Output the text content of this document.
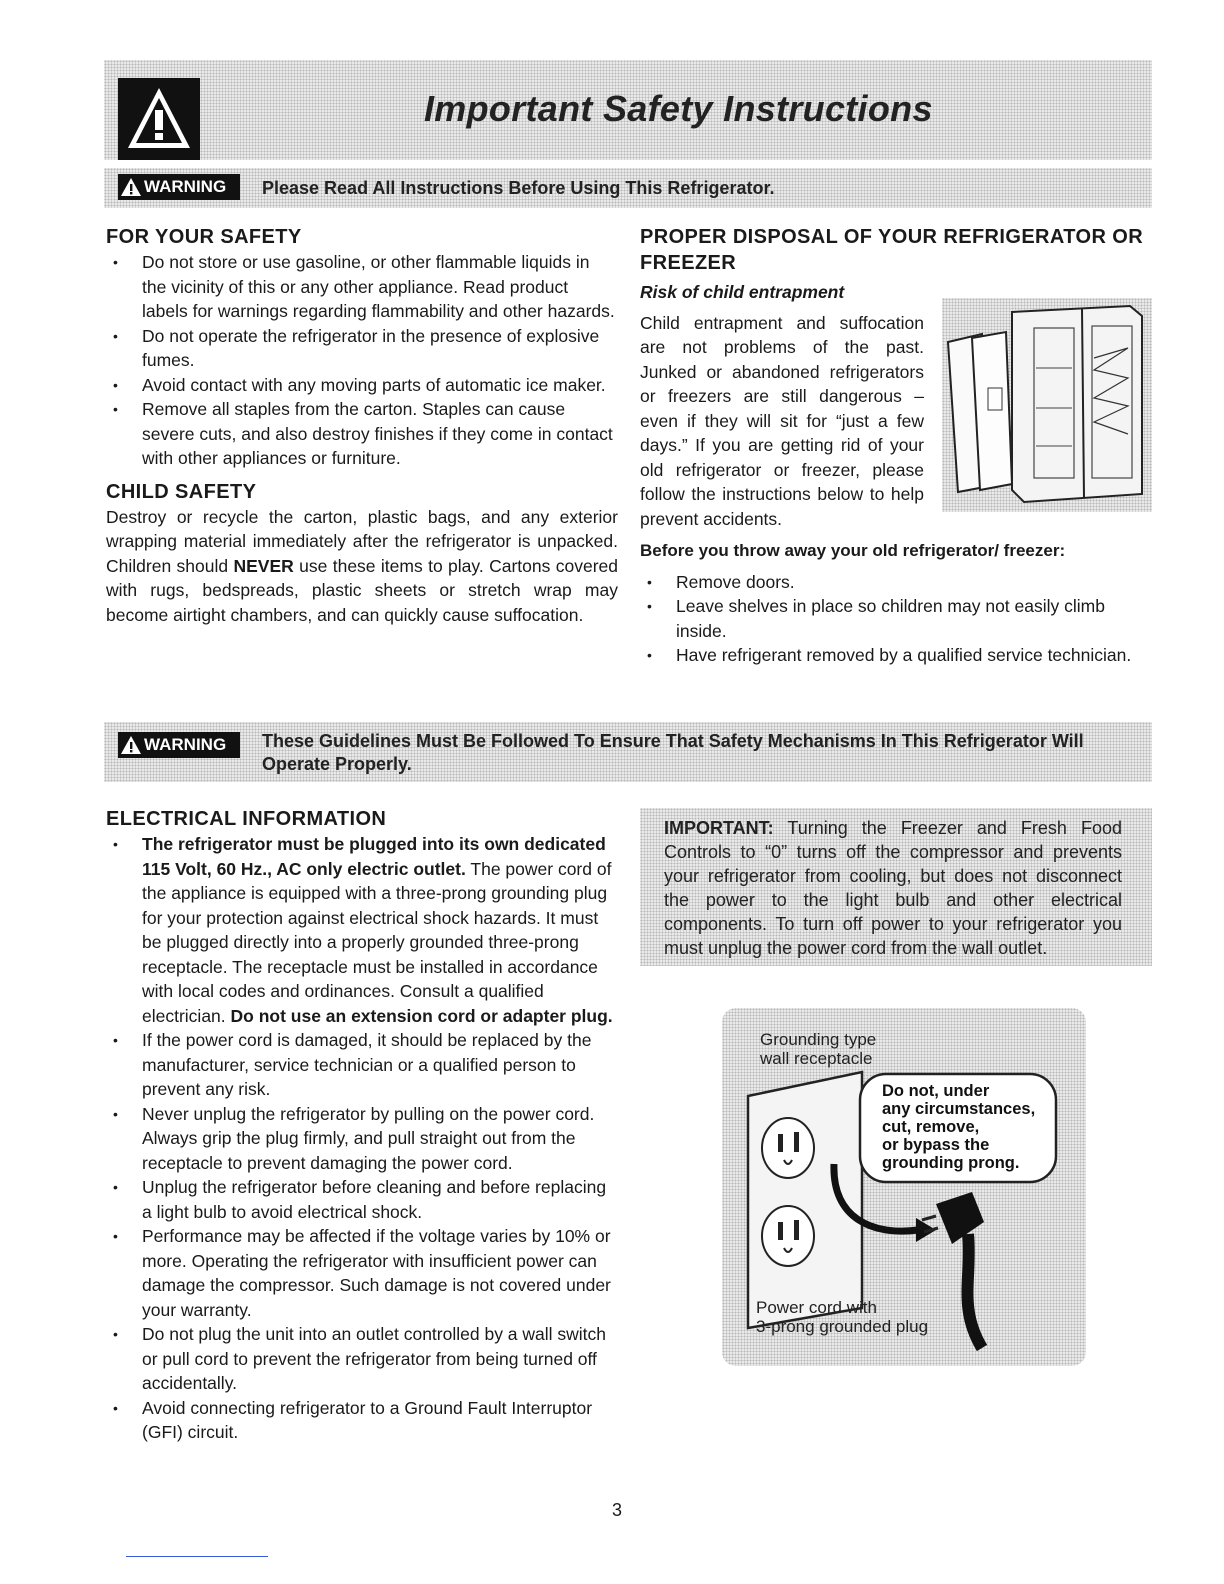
Important Safety Instructions
WARNING Please Read All Instructions Before Using This Refrigerator.
FOR YOUR SAFETY
• Do not store or use gasoline, or other flammable liquids in the vicinity of this or any other appliance. Read product labels for warnings regarding flammability and other hazards.
• Do not operate the refrigerator in the presence of explosive fumes.
• Avoid contact with any moving parts of automatic ice maker.
• Remove all staples from the carton. Staples can cause severe cuts, and also destroy finishes if they come in contact with other appliances or furniture.
CHILD SAFETY

Destroy or recycle the carton, plastic bags, and any exterior wrapping material immediately after the refrigerator is unpacked. Children should NEVER use these items to play. Cartons covered with rugs, bedspreads, plastic sheets or stretch wrap may become airtight chambers, and can quickly cause suffocation.

PROPER DISPOSAL OF YOUR REFRIGERATOR OR FREEZER
Risk of child entrapment

Child entrapment and suffocation are not problems of the past. Junked or abandoned refrigerators or freezers are still dangerous – even if they will sit for “just a few days.” If you are getting rid of your old refrigerator or freezer, please follow the instructions below to help prevent accidents.

Before you throw away your old refrigerator/ freezer:
• Remove doors.
• Leave shelves in place so children may not easily climb inside.
• Have refrigerant removed by a qualified service technician.
WARNING These Guidelines Must Be Followed To Ensure That Safety Mechanisms In This Refrigerator Will Operate Properly.
ELECTRICAL INFORMATION
• The refrigerator must be plugged into its own dedicated 115 Volt, 60 Hz., AC only electric outlet. The power cord of the appliance is equipped with a three-prong grounding plug for your protection against electrical shock hazards. It must be plugged directly into a properly grounded three-prong receptacle. The receptacle must be installed in accordance with local codes and ordinances. Consult a qualified electrician. Do not use an extension cord or adapter plug.
• If the power cord is damaged, it should be replaced by the manufacturer, service technician or a qualified person to prevent any risk.
• Never unplug the refrigerator by pulling on the power cord. Always grip the plug firmly, and pull straight out from the receptacle to prevent damaging the power cord.
• Unplug the refrigerator before cleaning and before replacing a light bulb to avoid electrical shock.
• Performance may be affected if the voltage varies by 10% or more. Operating the refrigerator with insufficient power can damage the compressor. Such damage is not covered under your warranty.
• Do not plug the unit into an outlet controlled by a wall switch or pull cord to prevent the refrigerator from being turned off accidentally.
• Avoid connecting refrigerator to a Ground Fault Interruptor (GFI) circuit.
IMPORTANT: Turning the Freezer and Fresh Food Controls to “0” turns off the compressor and prevents your refrigerator from cooling, but does not disconnect the power to the light bulb and other electrical components. To turn off power to your refrigerator you must unplug the power cord from the wall outlet.
Grounding type
wall receptacle
Do not, under
any circumstances,
cut, remove,
or bypass the
grounding prong.
Power cord with
3-prong grounded plug
3
